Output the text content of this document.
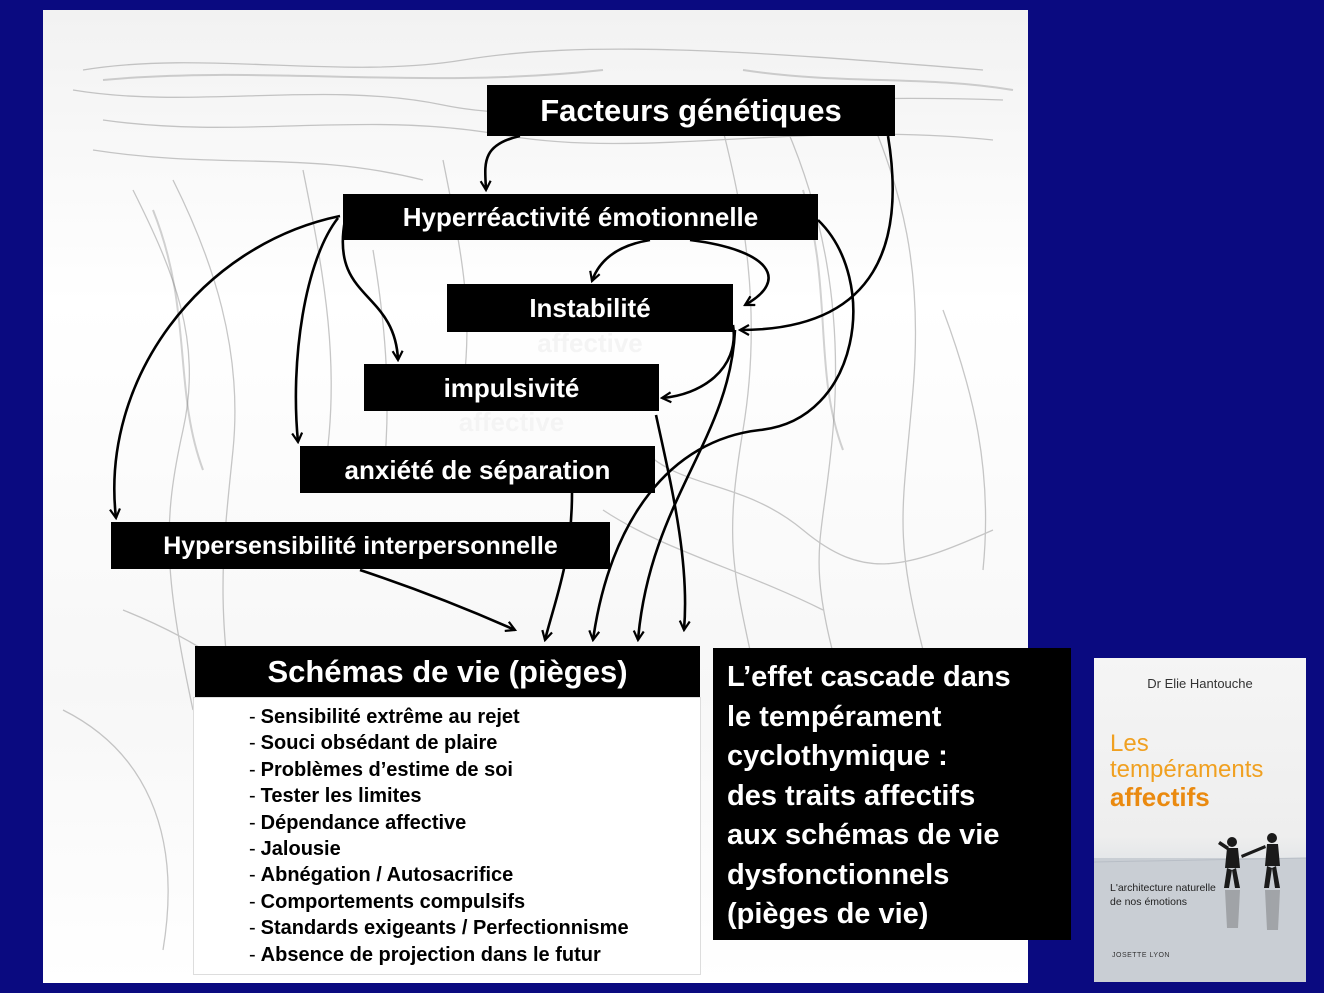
Facteurs génétiques
Hyperréactivité émotionnelle
Instabilité
affective
impulsivité
affective
anxiété de séparation
Hypersensibilité interpersonnelle
Schémas de vie (pièges)
- Sensibilité extrême au rejet
- Souci obsédant de plaire
- Problèmes d’estime de soi
- Tester les limites
- Dépendance affective
- Jalousie
- Abnégation / Autosacrifice
- Comportements compulsifs
- Standards exigeants / Perfectionnisme
- Absence de projection dans le futur
L’effet cascade dans
le tempérament
cyclothymique :
des traits affectifs
aux schémas de vie
dysfonctionnels
(pièges de vie)
Dr Elie Hantouche
Les
tempéraments
affectifs
L'architecture naturelle
de nos émotions
JOSETTE LYON
